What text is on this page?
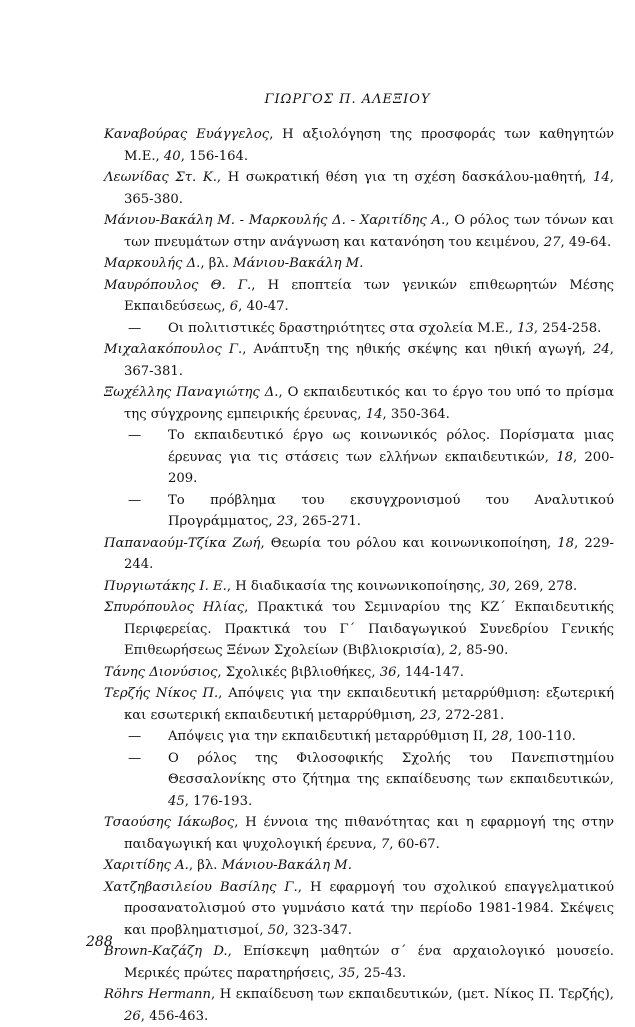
ΓΙΩΡΓΟΣ Π. ΑΛΕΞΙΟΥ
Καναβούρας Ευάγγελος, Η αξιολόγηση της προσφοράς των καθηγητών Μ.Ε., 40, 156-164.
Λεωνίδας Στ. Κ., Η σωκρατική θέση για τη σχέση δασκάλου-μαθητή, 14, 365-380.
Μάνιου-Βακάλη Μ. - Μαρκουλής Δ. - Χαριτίδης Α., Ο ρόλος των τόνων και των πνευμάτων στην ανάγνωση και κατανόηση του κειμένου, 27, 49-64.
Μαρκουλής Δ., βλ. Μάνιου-Βακάλη Μ.
Μαυρόπουλος Θ. Γ., Η εποπτεία των γενικών επιθεωρητών Μέσης Εκπαιδεύσεως, 6, 40-47.
— Οι πολιτιστικές δραστηριότητες στα σχολεία Μ.Ε., 13, 254-258.
Μιχαλακόπουλος Γ., Ανάπτυξη της ηθικής σκέψης και ηθική αγωγή, 24, 367-381.
Ξωχέλλης Παναγιώτης Δ., Ο εκπαιδευτικός και το έργο του υπό το πρίσμα της σύγχρονης εμπειρικής έρευνας, 14, 350-364.
— Το εκπαιδευτικό έργο ως κοινωνικός ρόλος. Πορίσματα μιας έρευνας για τις στάσεις των ελλήνων εκπαιδευτικών, 18, 200-209.
— Το πρόβλημα του εκσυγχρονισμού του Αναλυτικού Προγράμματος, 23, 265-271.
Παπαναούμ-Τζίκα Ζωή, Θεωρία του ρόλου και κοινωνικοποίηση, 18, 229-244.
Πυργιωτάκης Ι. Ε., Η διαδικασία της κοινωνικοποίησης, 30, 269, 278.
Σπυρόπουλος Ηλίας, Πρακτικά του Σεμιναρίου της ΚΖ΄ Εκπαιδευτικής Περιφερείας. Πρακτικά του Γ΄ Παιδαγωγικού Συνεδρίου Γενικής Επιθεωρήσεως Ξένων Σχολείων (Βιβλιοκρισία), 2, 85-90.
Τάνης Διονύσιος, Σχολικές βιβλιοθήκες, 36, 144-147.
Τερζής Νίκος Π., Απόψεις για την εκπαιδευτική μεταρρύθμιση: εξωτερική και εσωτερική εκπαιδευτική μεταρρύθμιση, 23, 272-281.
— Απόψεις για την εκπαιδευτική μεταρρύθμιση ΙΙ, 28, 100-110.
— Ο ρόλος της Φιλοσοφικής Σχολής του Πανεπιστημίου Θεσσαλονίκης στο ζήτημα της εκπαίδευσης των εκπαιδευτικών, 45, 176-193.
Τσαούσης Ιάκωβος, Η έννοια της πιθανότητας και η εφαρμογή της στην παιδαγωγική και ψυχολογική έρευνα, 7, 60-67.
Χαριτίδης Α., βλ. Μάνιου-Βακάλη Μ.
Χατζηβασιλείου Βασίλης Γ., Η εφαρμογή του σχολικού επαγγελματικού προσανατολισμού στο γυμνάσιο κατά την περίοδο 1981-1984. Σκέψεις και προβληματισμοί, 50, 323-347.
Brown-Καζάζη D., Επίσκεψη μαθητών σ΄ ένα αρχαιολογικό μουσείο. Μερικές πρώτες παρατηρήσεις, 35, 25-43.
Röhrs Hermann, Η εκπαίδευση των εκπαιδευτικών, (μετ. Νίκος Π. Τερζής), 26, 456-463.
288
